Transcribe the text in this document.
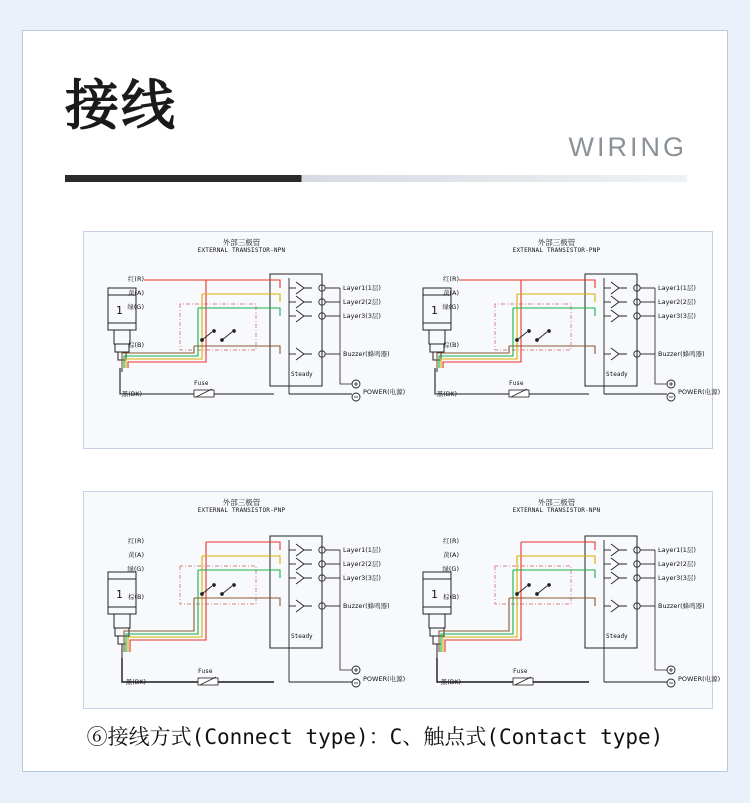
接线
WIRING
外部三极管
EXTERNAL TRANSISTOR-NPN
1
红(R)
黄(A)
绿(G)
棕(B)
黑(BK)
Layer1(1层)
Layer2(2层)
Layer3(3层)
Buzzer(蜂鸣器)
Steady
Fuse
POWER(电源)
外部三极管
EXTERNAL TRANSISTOR-PNP
1
红(R)
黄(A)
绿(G)
棕(B)
黑(BK)
Layer1(1层)
Layer2(2层)
Layer3(3层)
Buzzer(蜂鸣器)
Steady
Fuse
POWER(电源)
外部三极管
EXTERNAL TRANSISTOR-PNP
1
红(R)
黄(A)
绿(G)
棕(B)
黑(BK)
Layer1(1层)
Layer2(2层)
Layer3(3层)
Buzzer(蜂鸣器)
Steady
Fuse
POWER(电源)
外部三极管
EXTERNAL TRANSISTOR-NPN
1
红(R)
黄(A)
绿(G)
棕(B)
黑(BK)
Layer1(1层)
Layer2(2层)
Layer3(3层)
Buzzer(蜂鸣器)
Steady
Fuse
POWER(电源)
⑥接线方式(Connect type)：C、触点式(Contact type)
